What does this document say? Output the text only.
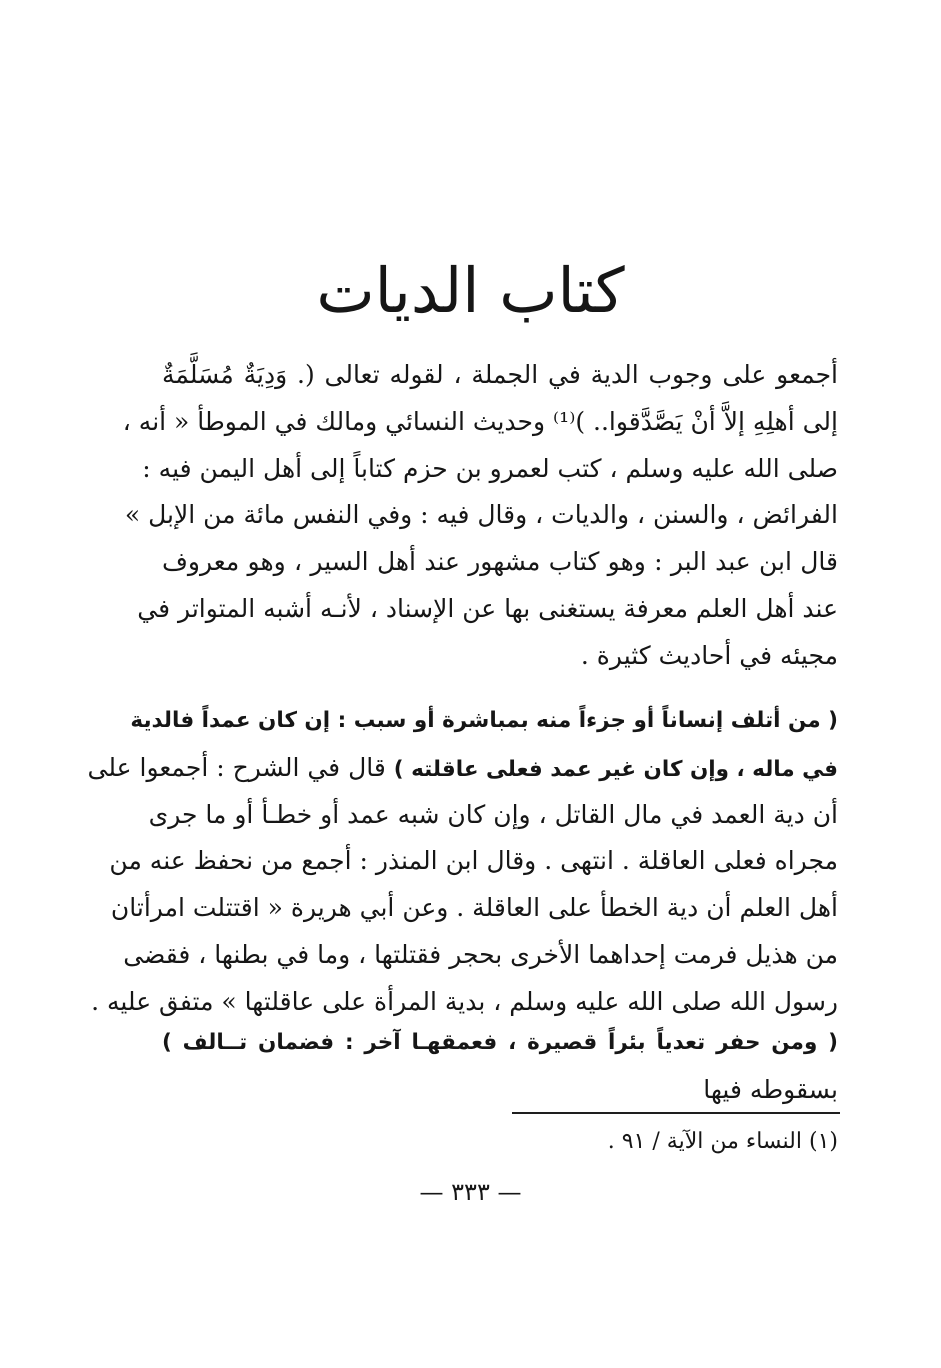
كتاب الديات
أجمعو على وجوب الدية في الجملة ، لقوله تعالى (. وَدِيَةٌ مُسَلَّمَةٌ
إلى أهلِهِ إلاَّ أنْ يَصَّدَّقوا.. )⁽¹⁾ وحديث النسائي ومالك في الموطأ « أنه ،
صلى الله عليه وسلم ، كتب لعمرو بن حزم كتاباً إلى أهل اليمن فيه :
الفرائض ، والسنن ، والديات ، وقال فيه : وفي النفس مائة من الإبل »
قال ابن عبد البر : وهو كتاب مشهور عند أهل السير ، وهو معروف
عند أهل العلم معرفة يستغنى بها عن الإسناد ، لأنـه أشبه المتواتر في
مجيئه في أحاديث كثيرة .
( من أتلف إنساناً أو جزءاً منه بمباشرة أو سبب : إن كان عمداً فالدية
في ماله ، وإن كان غير عمد فعلى عاقلته ) قال في الشرح : أجمعوا على
أن دية العمد في مال القاتل ، وإن كان شبه عمد أو خطـأ أو ما جرى
مجراه فعلى العاقلة . انتهى . وقال ابن المنذر : أجمع من نحفظ عنه من
أهل العلم أن دية الخطأ على العاقلة . وعن أبي هريرة « اقتتلت امرأتان
من هذيل فرمت إحداهما الأخرى بحجر فقتلتها ، وما في بطنها ، فقضى
رسول الله صلى الله عليه وسلم ، بدية المرأة على عاقلتها » متفق عليه .
( ومن حفر تعدياً بئراً قصيرة ، فعمقهـا آخر : فضمان تــالف )
بسقوطه فيها
(١) النساء من الآية / ٩١ .
— ٣٣٣ —
